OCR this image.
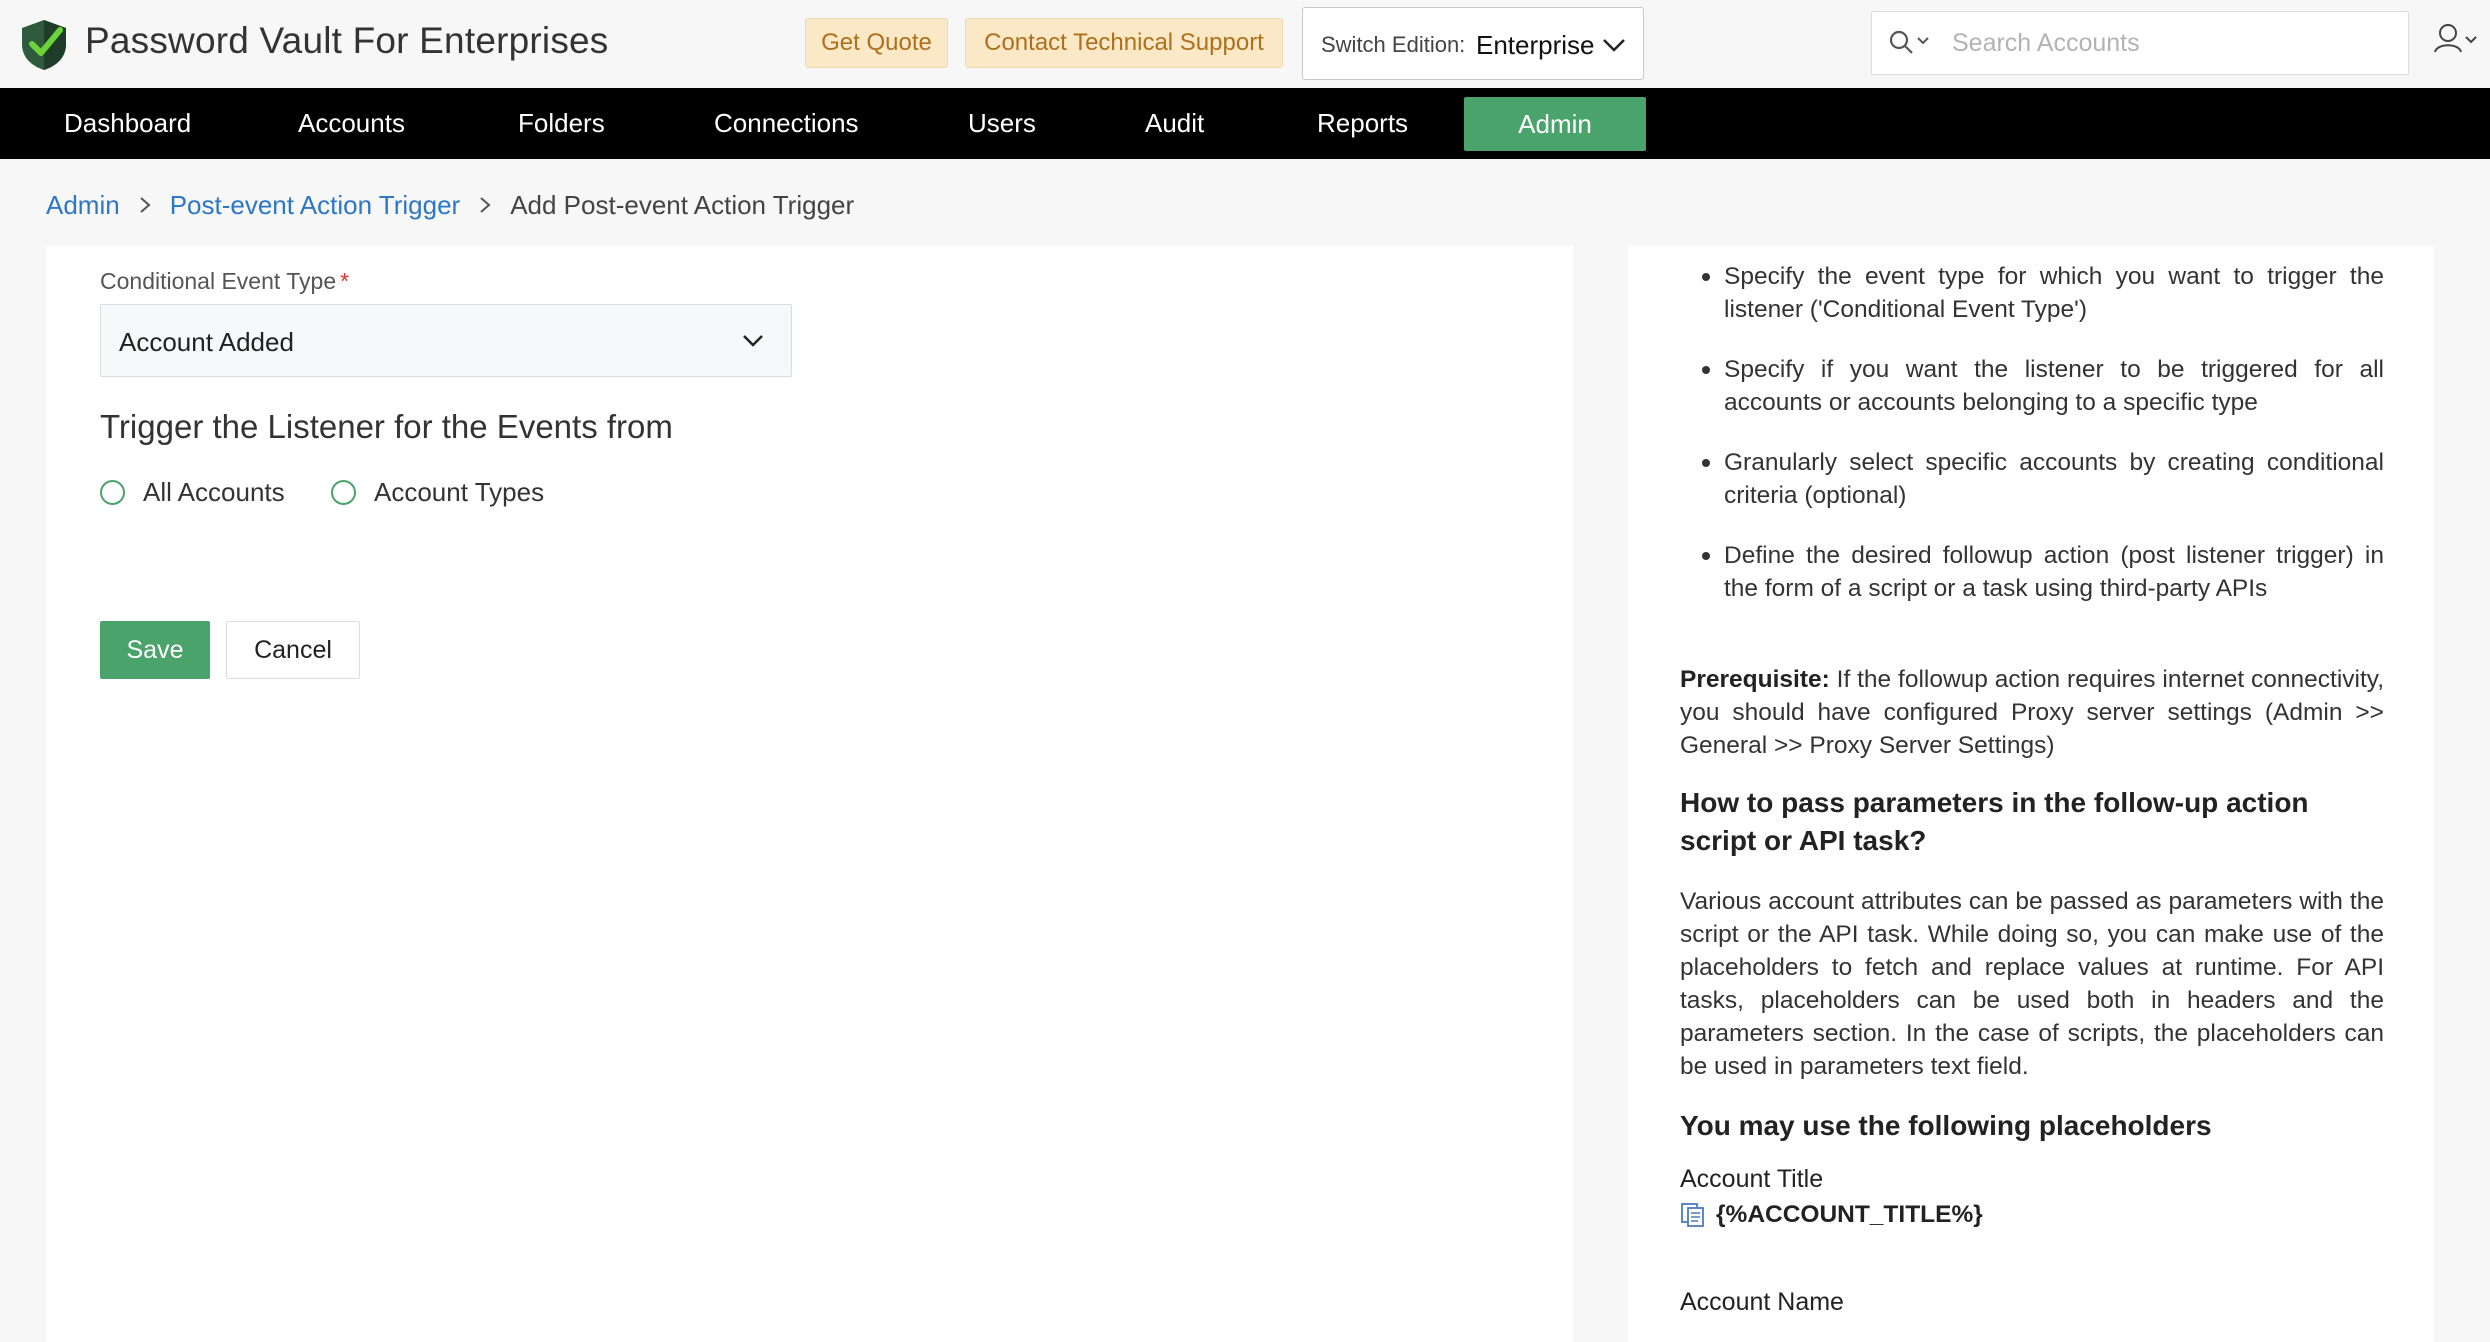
Password Vault For Enterprises	Get Quote	Contact Technical Support	Switch Edition: Enterprise
Search Accounts
Dashboard	Accounts	Folders	Connections	Users	Audit	Reports	Admin
Admin Post-event Action Trigger Add Post-event Action Trigger
Conditional Event Type *
Account Added
Trigger the Listener for the Events from
All Accounts	Account Types
Save	Cancel
Specify the event type for which you want to trigger the listener ('Conditional Event Type')
Specify if you want the listener to be triggered for all accounts or accounts belonging to a specific type
Granularly select specific accounts by creating conditional criteria (optional)
Define the desired followup action (post listener trigger) in the form of a script or a task using third-party APIs
Prerequisite: If the followup action requires internet connectivity, you should have configured Proxy server settings (Admin >> General >> Proxy Server Settings)
How to pass parameters in the follow-up action script or API task?
Various account attributes can be passed as parameters with the script or the API task. While doing so, you can make use of the placeholders to fetch and replace values at runtime. For API tasks, placeholders can be used both in headers and the parameters section. In the case of scripts, the placeholders can be used in parameters text field.
You may use the following placeholders
Account Title
{%ACCOUNT_TITLE%}
Account Name
